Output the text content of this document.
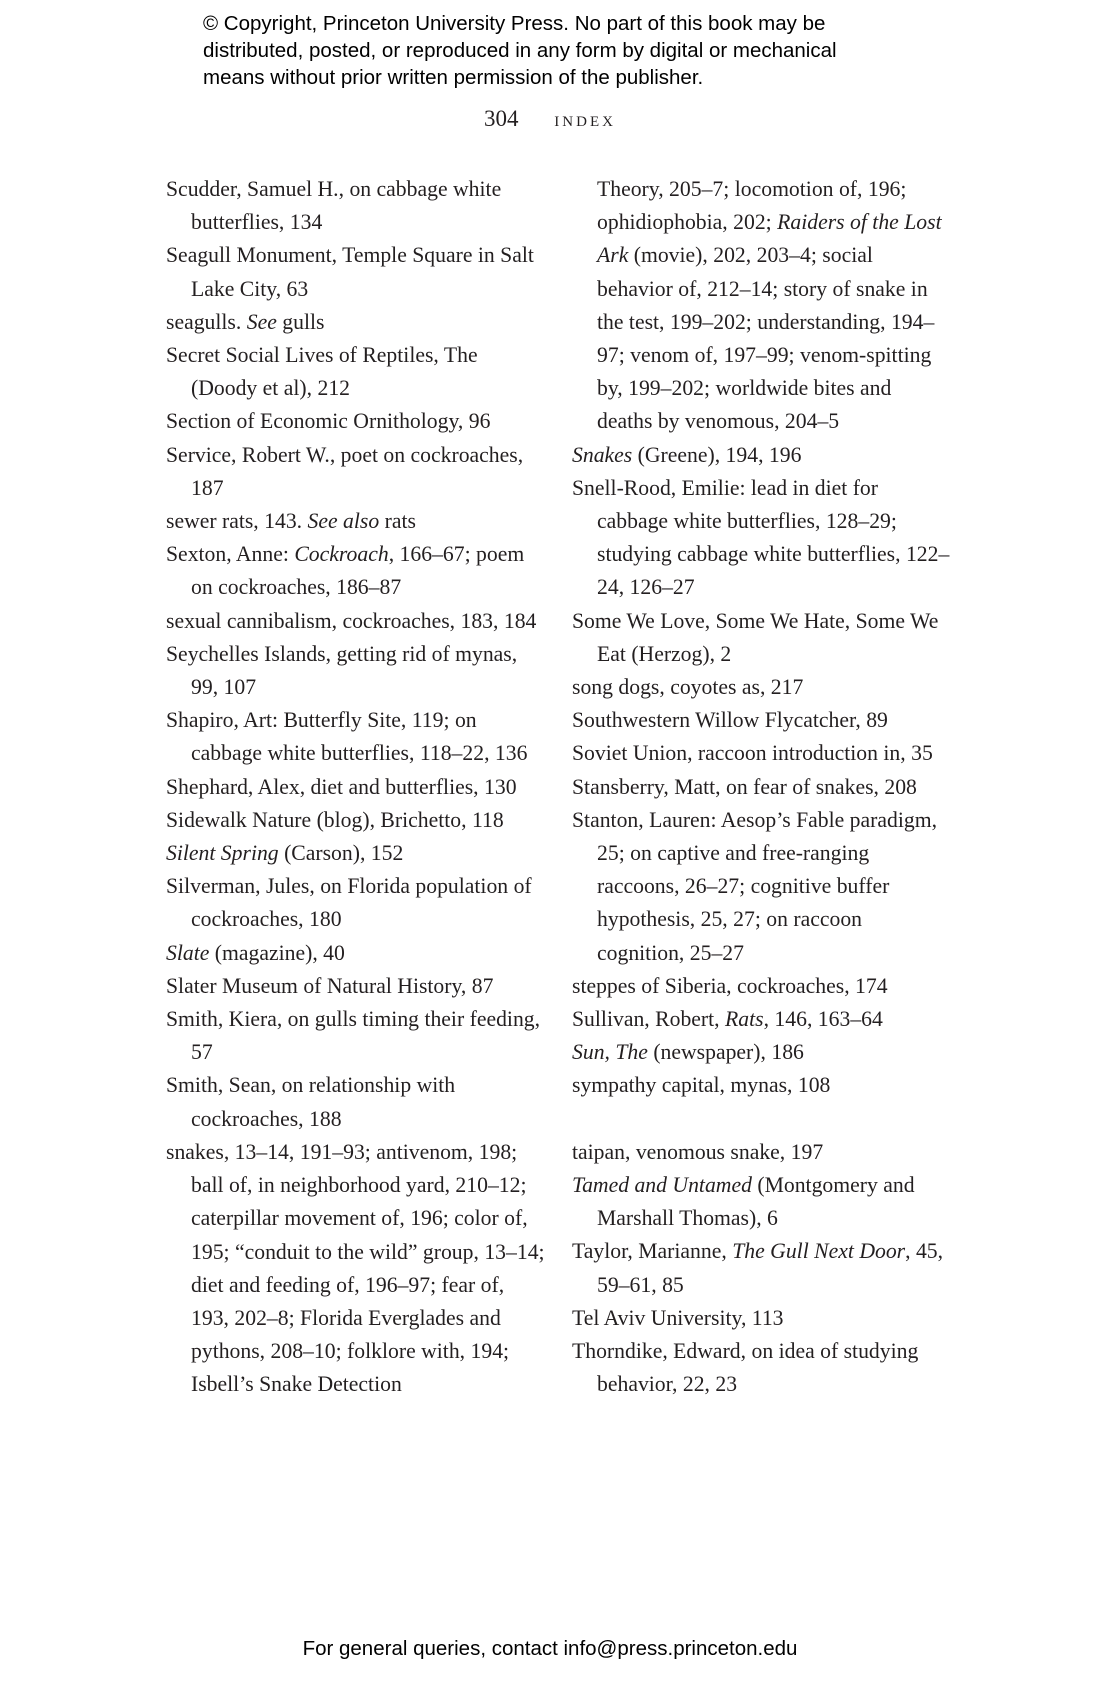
© Copyright, Princeton University Press. No part of this book may be
distributed, posted, or reproduced in any form by digital or mechanical
means without prior written permission of the publisher.
304 index

Scudder, Samuel H., on cabbage white butterflies, 134

Seagull Monument, Temple Square in Salt Lake City, 63

seagulls. See gulls

Secret Social Lives of Reptiles, The (Doody et al), 212

Section of Economic Ornithology, 96

Service, Robert W., poet on cockroaches, 187

sewer rats, 143. See also rats

Sexton, Anne: Cockroach, 166–67; poem on cockroaches, 186–87

sexual cannibalism, cockroaches, 183, 184

Seychelles Islands, getting rid of mynas, 99, 107

Shapiro, Art: Butterfly Site, 119; on cabbage white butterflies, 118–22, 136

Shephard, Alex, diet and butterflies, 130

Sidewalk Nature (blog), Brichetto, 118

Silent Spring (Carson), 152

Silverman, Jules, on Florida population of cockroaches, 180

Slate (magazine), 40

Slater Museum of Natural History, 87

Smith, Kiera, on gulls timing their feeding, 57

Smith, Sean, on relationship with cockroaches, 188

snakes, 13–14, 191–93; antivenom, 198; ball of, in neighborhood yard, 210–12; caterpillar movement of, 196; color of, 195; “conduit to the wild” group, 13–14; diet and feeding of, 196–97; fear of, 193, 202–8; Florida Everglades and pythons, 208–10; folklore with, 194; Isbell’s Snake Detection

Theory, 205–7; locomotion of, 196; ophidiophobia, 202; Raiders of the Lost Ark (movie), 202, 203–4; social behavior of, 212–14; story of snake in the test, 199–202; understanding, 194–97; venom of, 197–99; venom-spitting by, 199–202; worldwide bites and deaths by venomous, 204–5

Snakes (Greene), 194, 196

Snell-Rood, Emilie: lead in diet for cabbage white butterflies, 128–29; studying cabbage white butterflies, 122–24, 126–27

Some We Love, Some We Hate, Some We Eat (Herzog), 2

song dogs, coyotes as, 217

Southwestern Willow Flycatcher, 89

Soviet Union, raccoon introduction in, 35

Stansberry, Matt, on fear of snakes, 208

Stanton, Lauren: Aesop’s Fable paradigm, 25; on captive and free-ranging raccoons, 26–27; cognitive buffer hypothesis, 25, 27; on raccoon cognition, 25–27

steppes of Siberia, cockroaches, 174

Sullivan, Robert, Rats, 146, 163–64

Sun, The (newspaper), 186

sympathy capital, mynas, 108

taipan, venomous snake, 197

Tamed and Untamed (Montgomery and Marshall Thomas), 6

Taylor, Marianne, The Gull Next Door, 45, 59–61, 85

Tel Aviv University, 113

Thorndike, Edward, on idea of studying behavior, 22, 23

For general queries, contact info@press.princeton.edu
